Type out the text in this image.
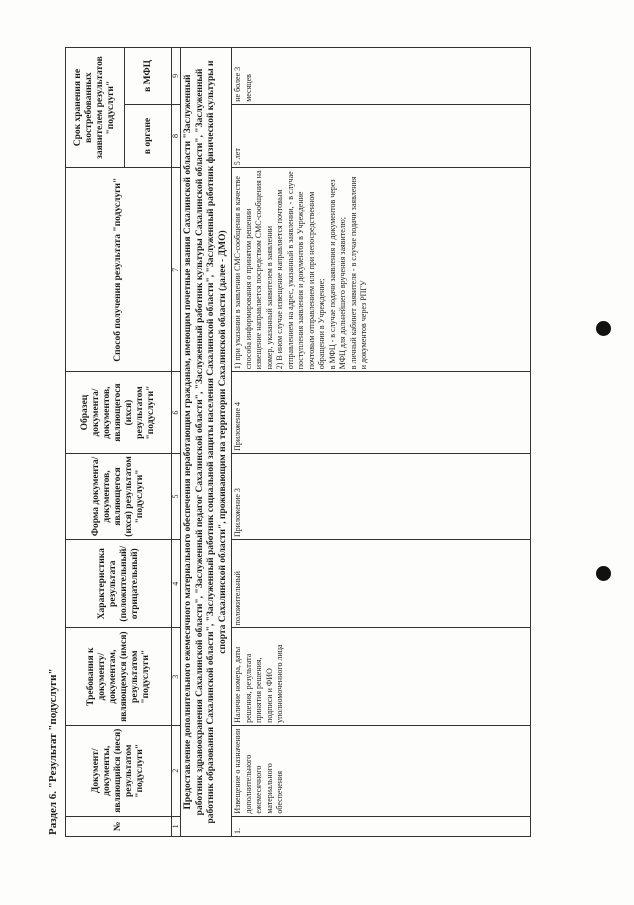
Раздел 6. "Результат "подуслуги"	№	Документ/документы, являющийся (иеся) результатом "подуслуги"	Требования к документу/документам, являющемуся (имся) результатом "подуслуги"	Характеристика результата (положительный/ отрицательный)	Форма документа/документов, являющегося (ихся) результатом "подуслуги"	Образец документа/документов, являющегося (ихся) результатом "подуслуги"	Способ получения результата "подуслуги"	Срок хранения не востребованных заявителем результатов "подуслуги"	
							в органе	в МФЦ
1	2	3	4	5	6	7	8	9
Предоставление дополнительного ежемесячного материального обеспечения неработающим гражданам, имеющим почетные звания Сахалинской области "Заслуженный работник здравоохранения Сахалинской области", "Заслуженный педагог Сахалинской области", "Заслуженный работник культуры Сахалинской области", "Заслуженный работник образования Сахалинской области", "Заслуженный работник социальной защиты населения Сахалинской области", "Заслуженный работник физической культуры и спорта Сахалинской области", проживающим на территории Сахалинской области (далее - ДМО)								
1.	Извещение о назначении дополнительного ежемесячного материального обеспечения	Наличие номера, даты решения, результата принятия решения, подписи и ФИО уполномоченного лица	положительный	Приложение 3	Приложение 4	1) при указании в заявлении СМС-сообщения в качестве способа информирования о принятом решении извещение направляется посредством СМС-сообщения на номер, указанный заявителем в заявлении 2) В ином случае извещение направляется почтовым отправлением на адрес, указанный в заявлении, - в случае поступления заявления и документов в Учреждение почтовым отправлением или при непосредственном обращении в Учреждение; в МФЦ - в случае подачи заявления и документов через МФЦ для дальнейшего вручения заявителю; в личный кабинет заявителя - в случае подачи заявления и документов через РПГУ	5 лет	не более 3 месяцев
